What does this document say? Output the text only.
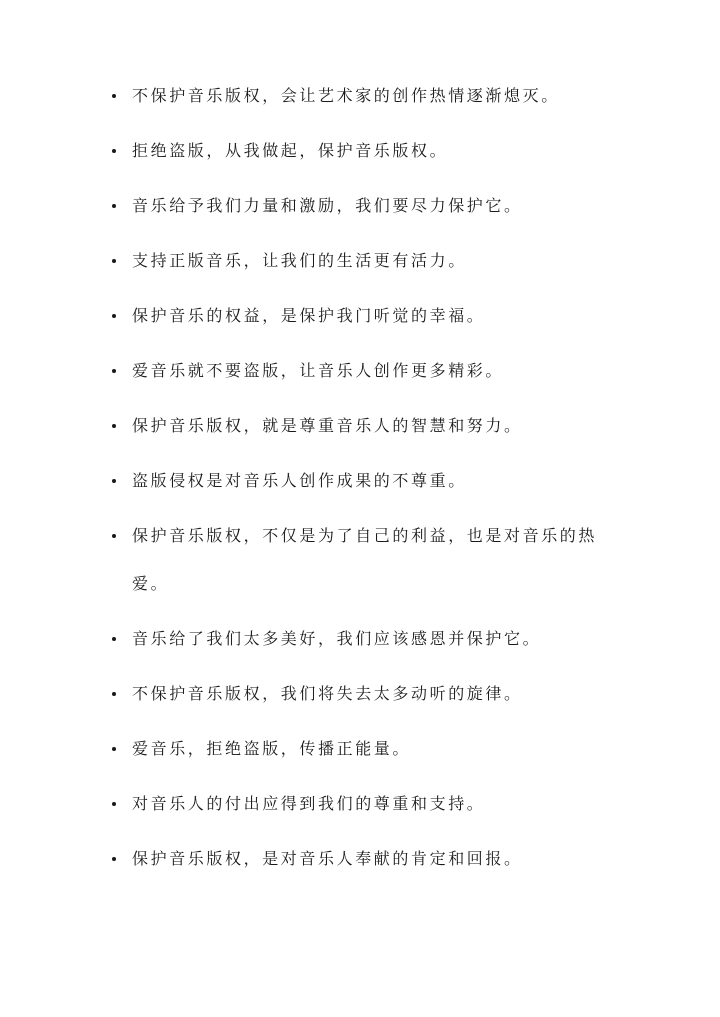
不保护音乐版权，会让艺术家的创作热情逐渐熄灭。
拒绝盗版，从我做起，保护音乐版权。
音乐给予我们力量和激励，我们要尽力保护它。
支持正版音乐，让我们的生活更有活力。
保护音乐的权益，是保护我门听觉的幸福。
爱音乐就不要盗版，让音乐人创作更多精彩。
保护音乐版权，就是尊重音乐人的智慧和努力。
盗版侵权是对音乐人创作成果的不尊重。
保护音乐版权，不仅是为了自己的利益，也是对音乐的热爱。
音乐给了我们太多美好，我们应该感恩并保护它。
不保护音乐版权，我们将失去太多动听的旋律。
爱音乐，拒绝盗版，传播正能量。
对音乐人的付出应得到我们的尊重和支持。
保护音乐版权，是对音乐人奉献的肯定和回报。
